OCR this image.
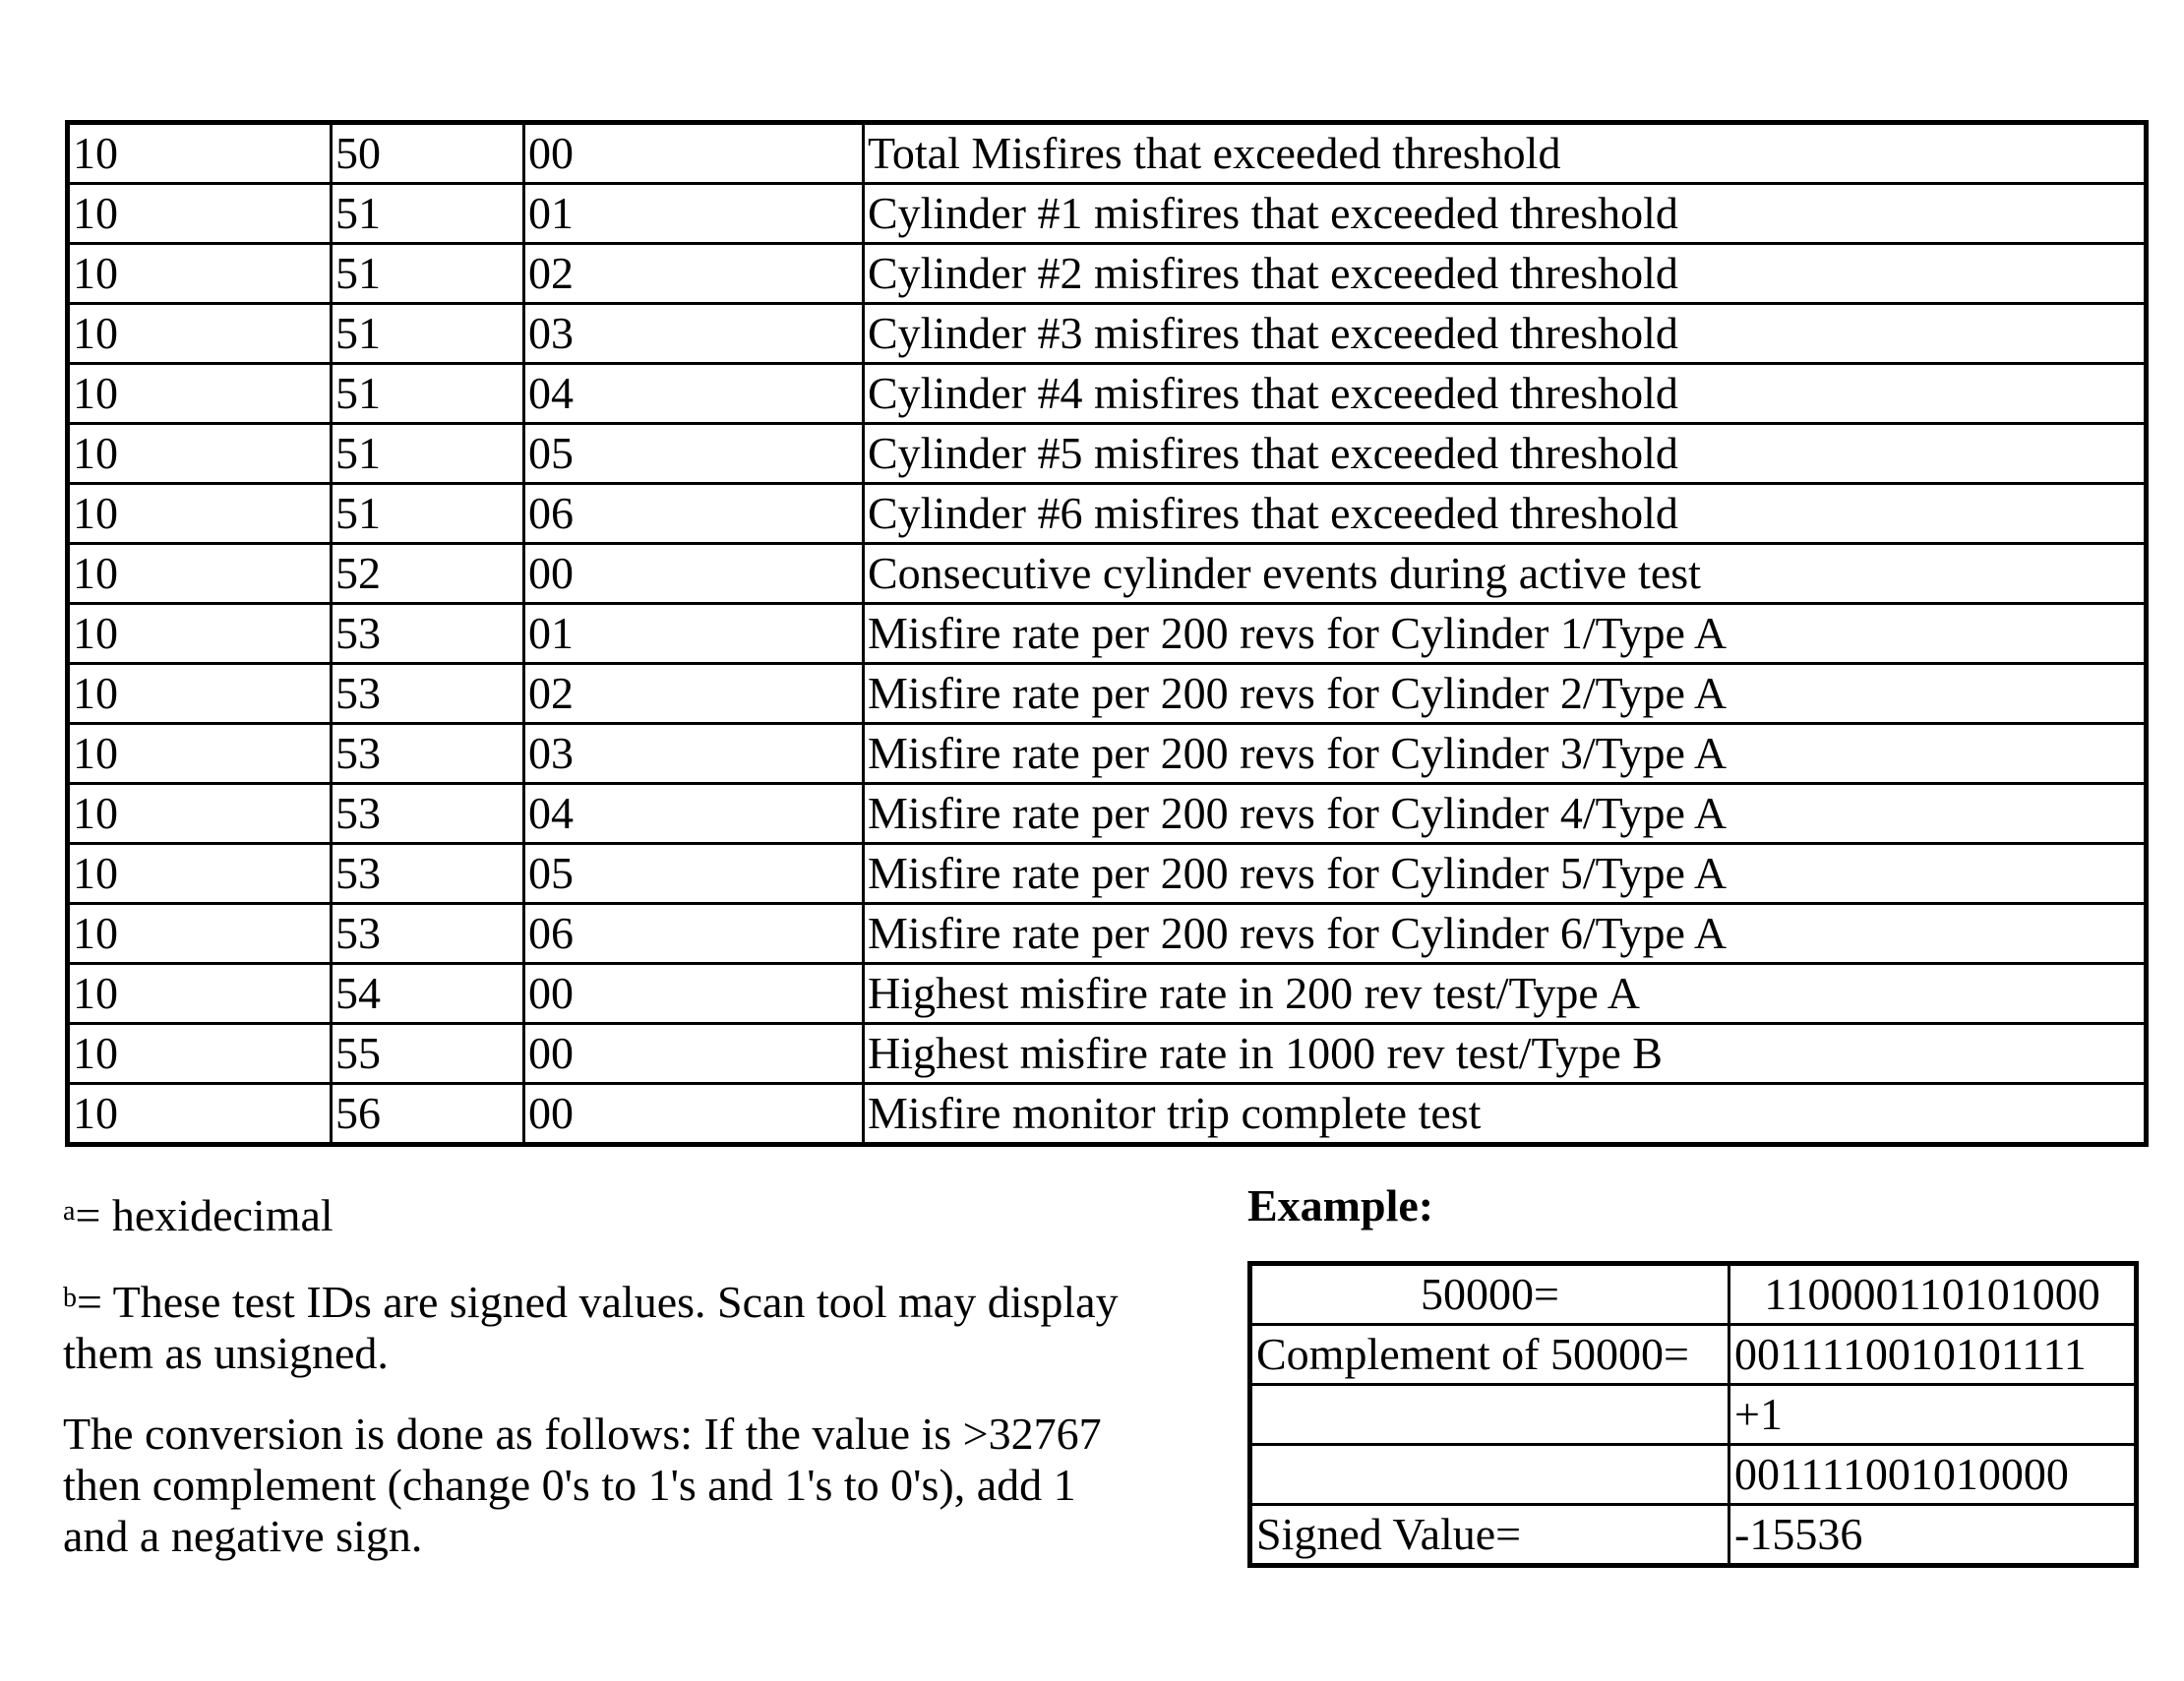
10	50	00	Total Misfires that exceeded threshold
10	51	01	Cylinder #1 misfires that exceeded threshold
10	51	02	Cylinder #2 misfires that exceeded threshold
10	51	03	Cylinder #3 misfires that exceeded threshold
10	51	04	Cylinder #4 misfires that exceeded threshold
10	51	05	Cylinder #5 misfires that exceeded threshold
10	51	06	Cylinder #6 misfires that exceeded threshold
10	52	00	Consecutive cylinder events during active test
10	53	01	Misfire rate per 200 revs for Cylinder 1/Type A
10	53	02	Misfire rate per 200 revs for Cylinder 2/Type A
10	53	03	Misfire rate per 200 revs for Cylinder 3/Type A
10	53	04	Misfire rate per 200 revs for Cylinder 4/Type A
10	53	05	Misfire rate per 200 revs for Cylinder 5/Type A
10	53	06	Misfire rate per 200 revs for Cylinder 6/Type A
10	54	00	Highest misfire rate in 200 rev test/Type A
10	55	00	Highest misfire rate in 1000 rev test/Type B
10	56	00	Misfire monitor trip complete test
$^a$= hexidecimal
$^b$= These test IDs are signed values. Scan tool may display them as unsigned.
The conversion is done as follows: If the value is >32767 then complement (change 0's to 1's and 1's to 0's), add 1 and a negative sign.
Example:
50000=	110000110101000
Complement of 50000=	0011110010101111
	+1
	001111001010000
Signed Value=	-15536
